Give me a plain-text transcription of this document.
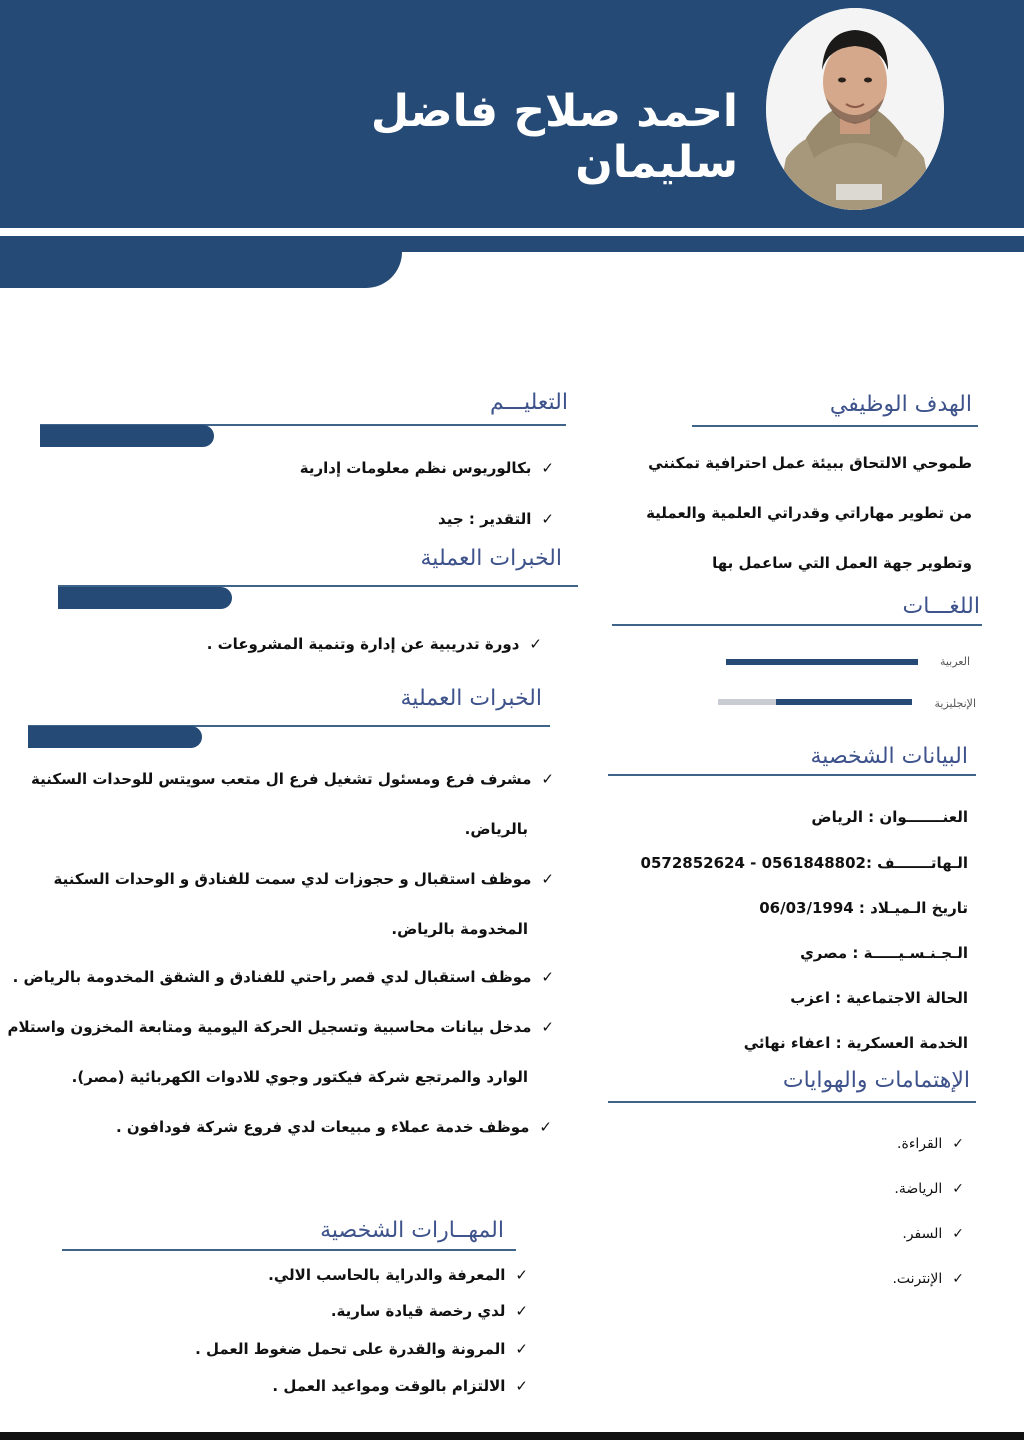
احمد صلاح فاضل سليمان
الهدف الوظيفي
طموحي الالتحاق ببيئة عمل احترافية تمكنني
من تطوير مهاراتي وقدراتي العلمية والعملية
وتطوير جهة العمل التي ساعمل بها
اللغـــات
العربية
الإنجليزية
البيانات الشخصية
العنـــــــوان : الرياض
الـهاتـــــــف :0561848802 - 0572852624
تاريخ الـميـلاد : 06/03/1994
الـجـنـسـيـــــة : مصري
الحالة الاجتماعية : اعزب
الخدمة العسكرية : اعفاء نهائي
الإهتمامات والهوايات
✓القراءة.
✓الرياضة.
✓السفر.
✓الإنترنت.
التعليـــم
✓بكالوريوس نظم معلومات إدارية
✓التقدير : جيد
الخبرات العملية
✓دورة تدريبية عن إدارة وتنمية المشروعات .
الخبرات العملية
✓مشرف فرع ومسئول تشغيل فرع ال متعب سويتس للوحدات السكنية
بالرياض.
✓موظف استقبال و حجوزات لدي سمت للفنادق و الوحدات السكنية
المخدومة بالرياض.
✓موظف استقبال لدي قصر راحتي للفنادق و الشقق المخدومة بالرياض .
✓مدخل بيانات محاسبية وتسجيل الحركة اليومية ومتابعة المخزون واستلام
الوارد والمرتجع شركة فيكتور وجوي للادوات الكهربائية (مصر).
✓موظف خدمة عملاء و مبيعات لدي فروع شركة فودافون .
المهــارات الشخصية
✓المعرفة والدراية بالحاسب الالي.
✓لدي رخصة قيادة سارية.
✓المرونة والقدرة على تحمل ضغوط العمل .
✓الالتزام بالوقت ومواعيد العمل .
